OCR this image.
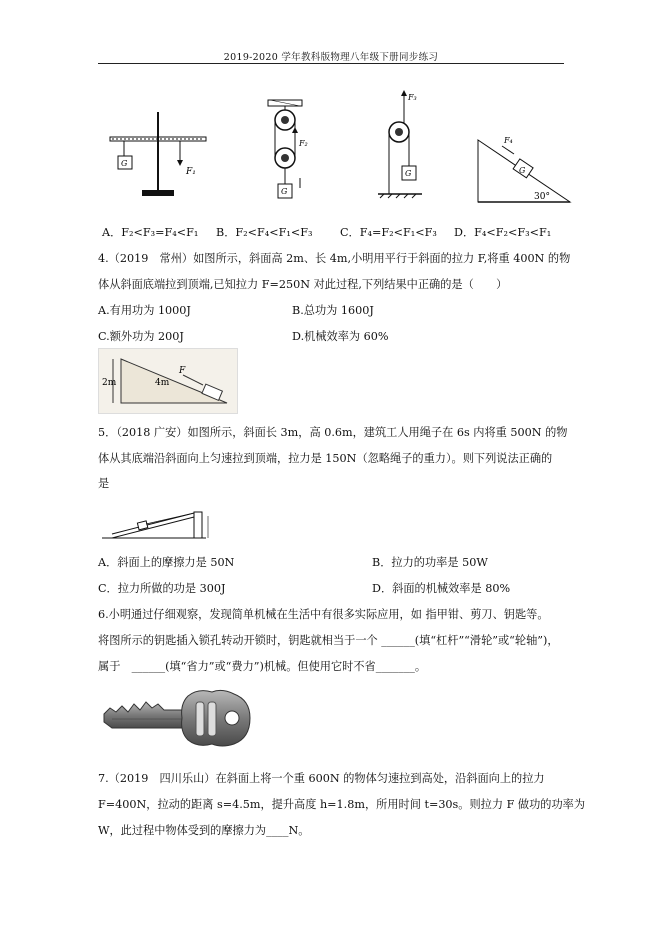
2019-2020 学年教科版物理八年级下册同步练习
G
F₁
F₂
G
F₃
G	G
F₄
30°
A．F₂<F₃=F₄<F₁ B．F₂<F₄<F₁<F₃ C．F₄=F₂<F₁<F₃ D．F₄<F₂<F₃<F₁
4.（2019　常州）如图所示，斜面高 2m、长 4m,小明用平行于斜面的拉力 F,将重 400N 的物
体从斜面底端拉到顶端,已知拉力 F=250N 对此过程,下列结果中正确的是（　　）
A.有用功为 1000J	B.总功为 1600J
C.额外功为 200J	D.机械效率为 60%
2m	4m
F
5．（2018 广安）如图所示，斜面长 3m，高 0.6m，建筑工人用绳子在 6s 内将重 500N 的物
体从其底端沿斜面向上匀速拉到顶端，拉力是 150N（忽略绳子的重力）。则下列说法正确的
是
A．斜面上的摩擦力是 50N	B．拉力的功率是 50W
C．拉力所做的功是 300J	D．斜面的机械效率是 80%
6.小明通过仔细观察，发现简单机械在生活中有很多实际应用，如 指甲钳、剪刀、钥匙等。
将图所示的钥匙插入锁孔转动开锁时，钥匙就相当于一个 ______(填“杠杆”“滑轮”或“轮轴”)，
属于　______(填“省力”或“费力”)机械。但使用它时不省_______。
7.（2019　四川乐山）在斜面上将一个重 600N 的物体匀速拉到高处，沿斜面向上的拉力
F=400N，拉动的距离 s=4.5m，提升高度 h=1.8m，所用时间 t=30s。则拉力 F 做功的功率为
W，此过程中物体受到的摩擦力为____N。
